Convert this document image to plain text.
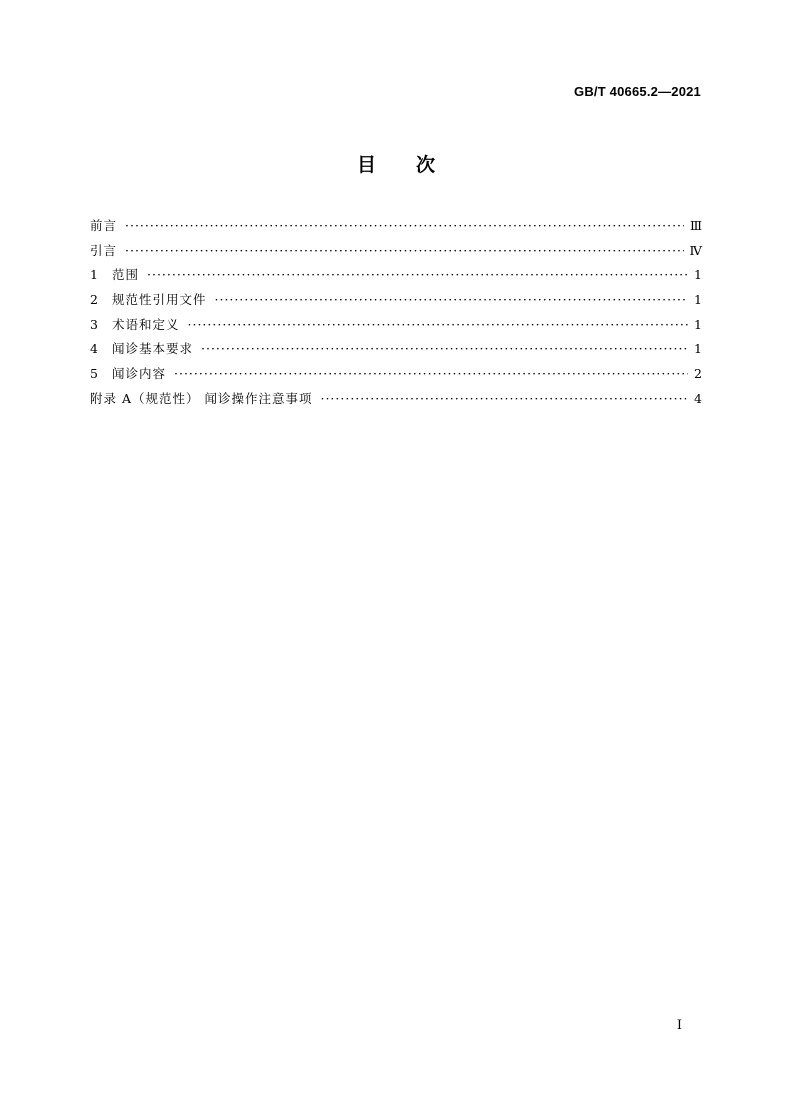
GB/T 40665.2—2021
目 次
前言 ·····	Ⅲ
引言 ·····	Ⅳ
1	范围 ·····	1
2	规范性引用文件 ·····	1
3	术语和定义 ·····	1
4	闻诊基本要求 ·····	1
5	闻诊内容 ·····	2
附录 A（规范性） 闻诊操作注意事项 ·····	4
I
